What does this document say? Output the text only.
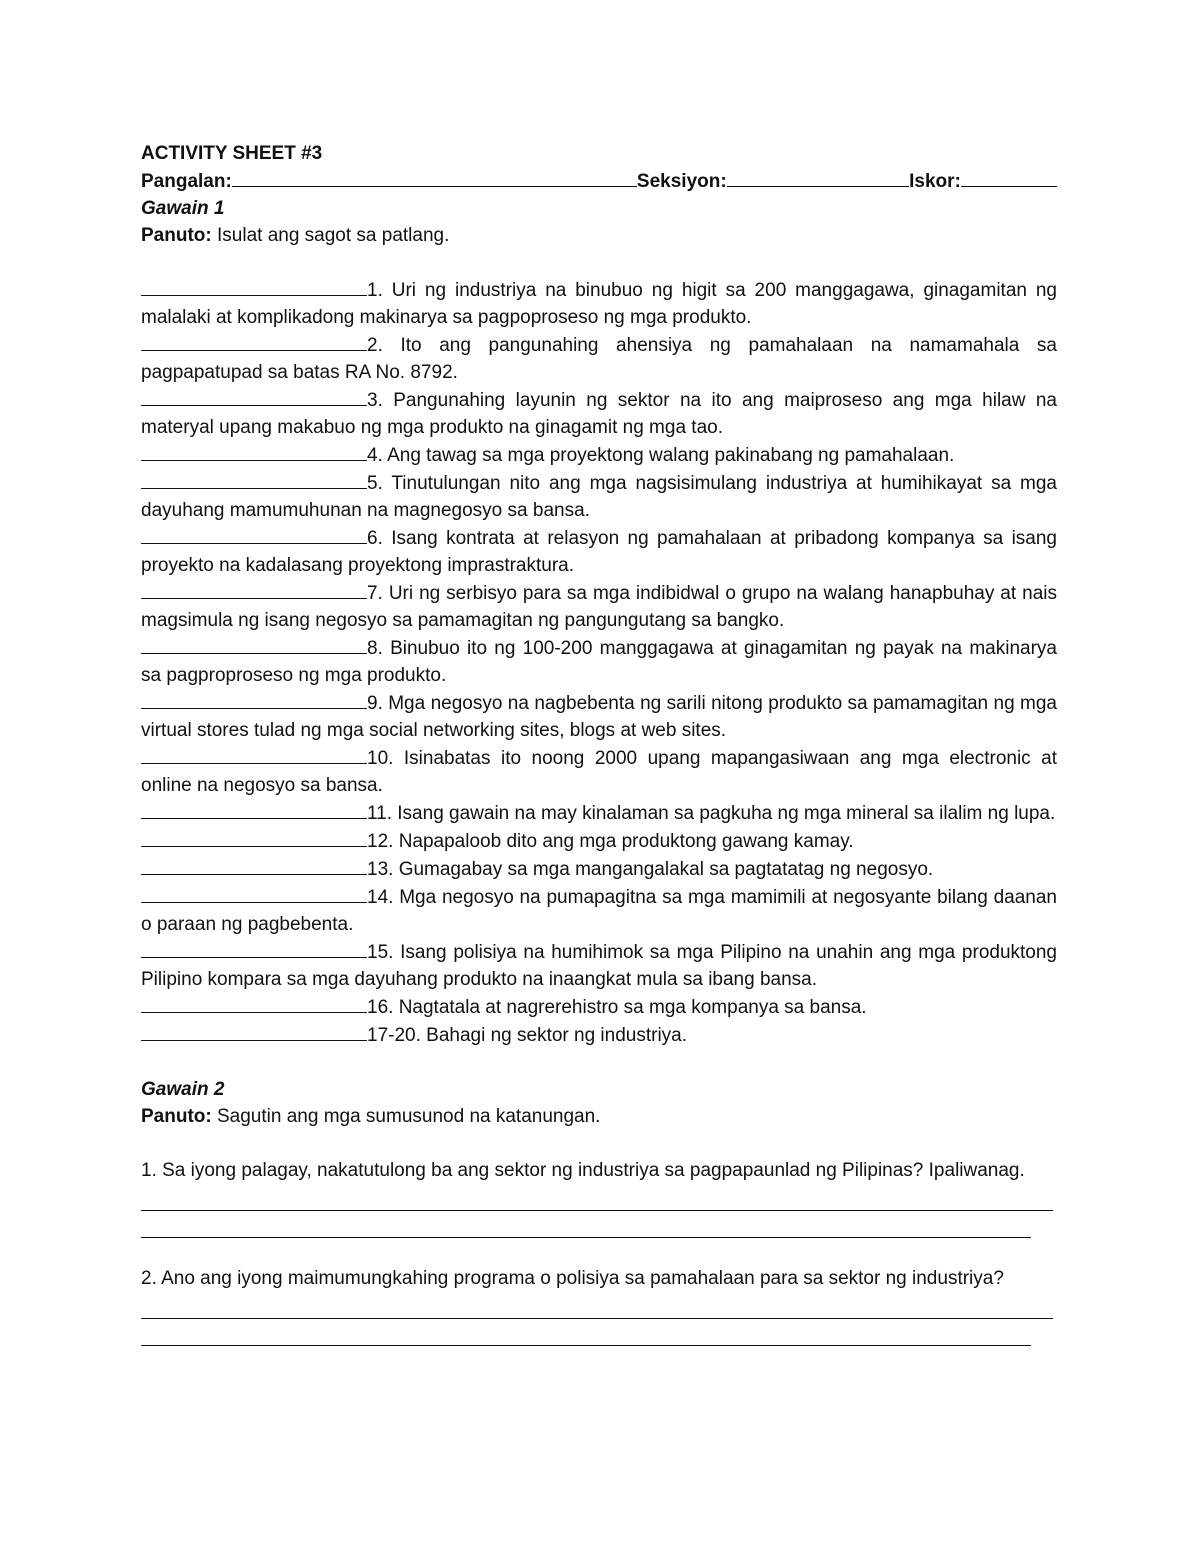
ACTIVITY SHEET #3
Pangalan:	Seksiyon:	Iskor:
Gawain 1
Panuto: Isulat ang sagot sa patlang.
1. Uri ng industriya na binubuo ng higit sa 200 manggagawa, ginagamitan ng malalaki at komplikadong makinarya sa pagpoproseso ng mga produkto.
2. Ito ang pangunahing ahensiya ng pamahalaan na namamahala sa pagpapatupad sa batas RA No. 8792.
3. Pangunahing layunin ng sektor na ito ang maiproseso ang mga hilaw na materyal upang makabuo ng mga produkto na ginagamit ng mga tao.
4. Ang tawag sa mga proyektong walang pakinabang ng pamahalaan.
5. Tinutulungan nito ang mga nagsisimulang industriya at humihikayat sa mga dayuhang mamumuhunan na magnegosyo sa bansa.
6. Isang kontrata at relasyon ng pamahalaan at pribadong kompanya sa isang proyekto na kadalasang proyektong imprastraktura.
7. Uri ng serbisyo para sa mga indibidwal o grupo na walang hanapbuhay at nais magsimula ng isang negosyo sa pamamagitan ng pangungutang sa bangko.
8. Binubuo ito ng 100-200 manggagawa at ginagamitan ng payak na makinarya sa pagproproseso ng mga produkto.
9. Mga negosyo na nagbebenta ng sarili nitong produkto sa pamamagitan ng mga virtual stores tulad ng mga social networking sites, blogs at web sites.
10. Isinabatas ito noong 2000 upang mapangasiwaan ang mga electronic at online na negosyo sa bansa.
11. Isang gawain na may kinalaman sa pagkuha ng mga mineral sa ilalim ng lupa.
12. Napapaloob dito ang mga produktong gawang kamay.
13. Gumagabay sa mga mangangalakal sa pagtatatag ng negosyo.
14. Mga negosyo na pumapagitna sa mga mamimili at negosyante bilang daanan o paraan ng pagbebenta.
15. Isang polisiya na humihimok sa mga Pilipino na unahin ang mga produktong Pilipino kompara sa mga dayuhang produkto na inaangkat mula sa ibang bansa.
16. Nagtatala at nagrerehistro sa mga kompanya sa bansa.
17-20. Bahagi ng sektor ng industriya.
Gawain 2
Panuto: Sagutin ang mga sumusunod na katanungan.
1. Sa iyong palagay, nakatutulong ba ang sektor ng industriya sa pagpapaunlad ng Pilipinas? Ipaliwanag.
2. Ano ang iyong maimumungkahing programa o polisiya sa pamahalaan para sa sektor ng industriya?
